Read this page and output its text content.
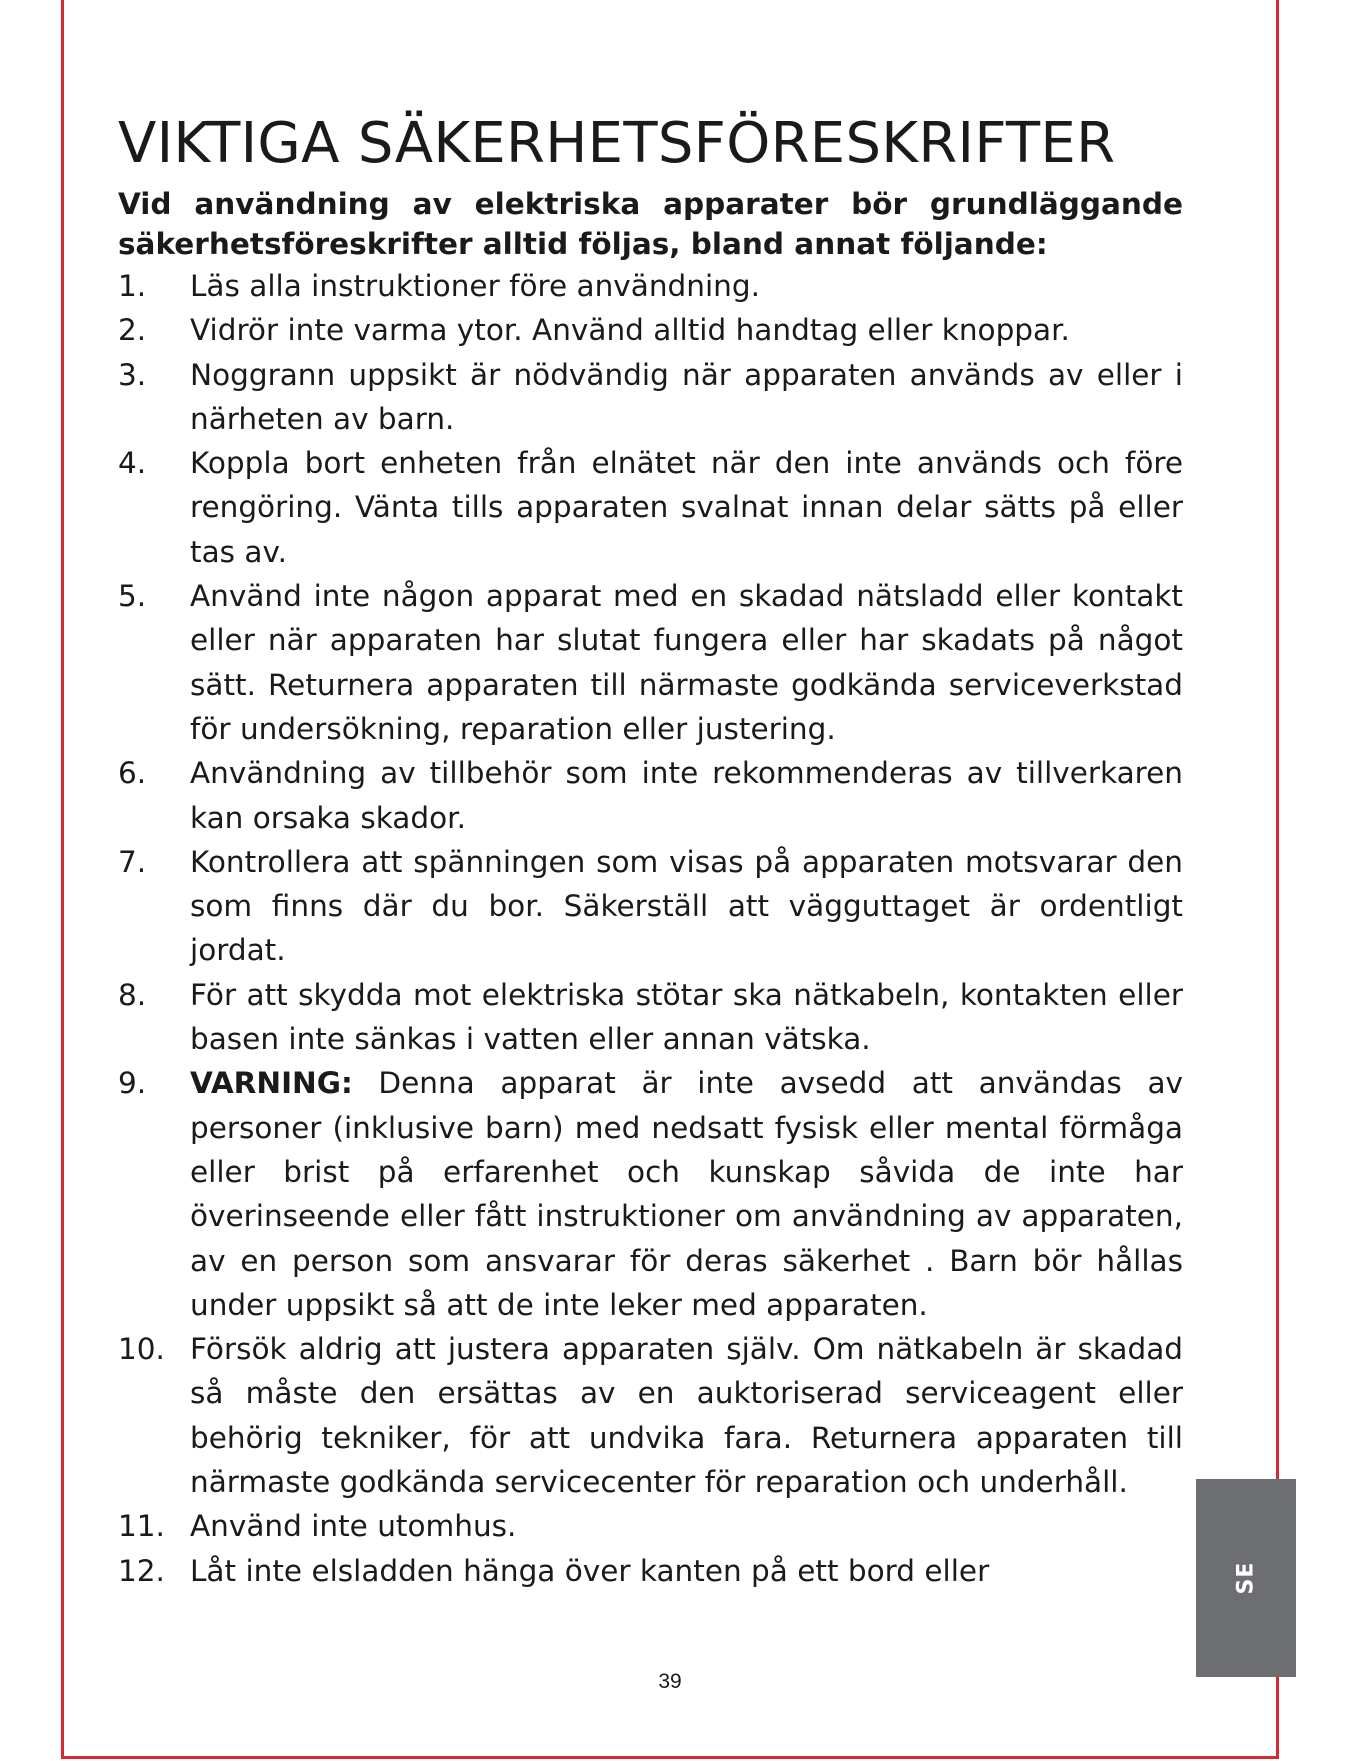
VIKTIGA SÄKERHETSFÖRESKRIFTER

Vid användning av elektriska apparater bör grundläggande säkerhetsföreskrifter alltid följas, bland annat följande:

1. Läs alla instruktioner före användning.
2. Vidrör inte varma ytor. Använd alltid handtag eller knoppar.
3. Noggrann uppsikt är nödvändig när apparaten används av eller i närheten av barn.
4. Koppla bort enheten från elnätet när den inte används och före rengöring. Vänta tills apparaten svalnat innan delar sätts på eller tas av.
5. Använd inte någon apparat med en skadad nätsladd eller kontakt eller när apparaten har slutat fungera eller har skadats på något sätt. Returnera apparaten till närmaste godkända serviceverkstad för undersökning, reparation eller justering.
6. Användning av tillbehör som inte rekommenderas av tillverkaren kan orsaka skador.
7. Kontrollera att spänningen som visas på apparaten motsvarar den som finns där du bor. Säkerställ att vägguttaget är ordentligt jordat.
8. För att skydda mot elektriska stötar ska nätkabeln, kontakten eller basen inte sänkas i vatten eller annan vätska.
9. VARNING: Denna apparat är inte avsedd att användas av personer (inklusive barn) med nedsatt fysisk eller mental förmåga eller brist på erfarenhet och kunskap såvida de inte har överinseende eller fått instruktioner om användning av apparaten, av en person som ansvarar för deras säkerhet . Barn bör hållas under uppsikt så att de inte leker med apparaten.
10. Försök aldrig att justera apparaten själv. Om nätkabeln är skadad så måste den ersättas av en auktoriserad serviceagent eller behörig tekniker, för att undvika fara. Returnera apparaten till närmaste godkända servicecenter för reparation och underhåll.
11. Använd inte utomhus.
12. Låt inte elsladden hänga över kanten på ett bord eller	SE
39
